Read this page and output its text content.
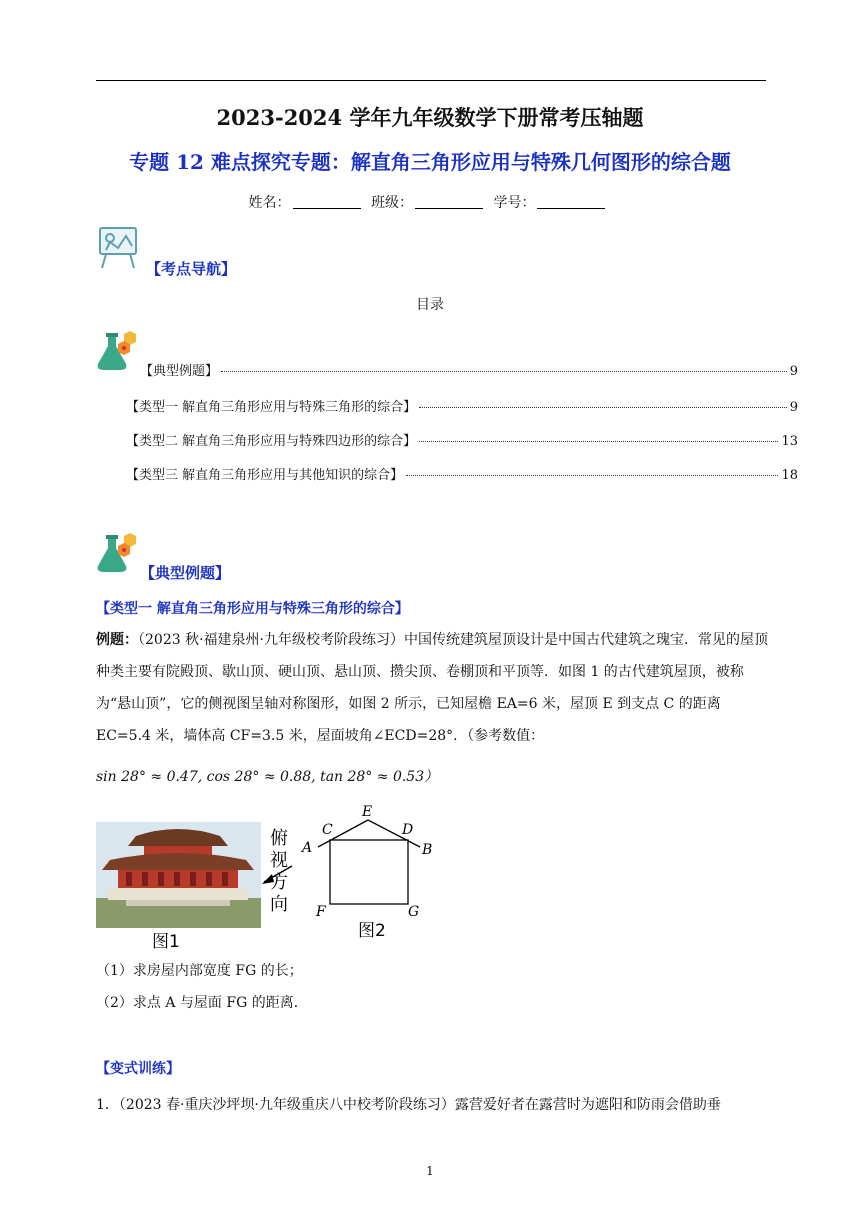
2023-2024 学年九年级数学下册常考压轴题
专题 12 难点探究专题：解直角三角形应用与特殊几何图形的综合题
姓名：	班级：	学号：
【考点导航】
目录
【典型例题】	9
【类型一 解直角三角形应用与特殊三角形的综合】	9
【类型二 解直角三角形应用与特殊四边形的综合】	13
【类型三 解直角三角形应用与其他知识的综合】	18
【典型例题】
【类型一 解直角三角形应用与特殊三角形的综合】
例题：（2023 秋·福建泉州·九年级校考阶段练习）中国传统建筑屋顶设计是中国古代建筑之瑰宝．常见的屋顶种类主要有院殿顶、歇山顶、硬山顶、悬山顶、攒尖顶、卷棚顶和平顶等．如图 1 的古代建筑屋顶，被称为“悬山顶”，它的侧视图呈轴对称图形，如图 2 所示，已知屋檐 EA=6 米，屋顶 E 到支点 C 的距离 EC=5.4 米，墙体高 CF=3.5 米，屋面坡角∠ECD=28°．（参考数值：
sin 28° ≈ 0.47, cos 28° ≈ 0.88, tan 28° ≈ 0.53）
俯
视
方
向
图1
E
C	D
A	B
F	G
图2
（1）求房屋内部宽度 FG 的长；
（2）求点 A 与屋面 FG 的距离．
【变式训练】
1．（2023 春·重庆沙坪坝·九年级重庆八中校考阶段练习）露营爱好者在露营时为遮阳和防雨会借助垂
1
